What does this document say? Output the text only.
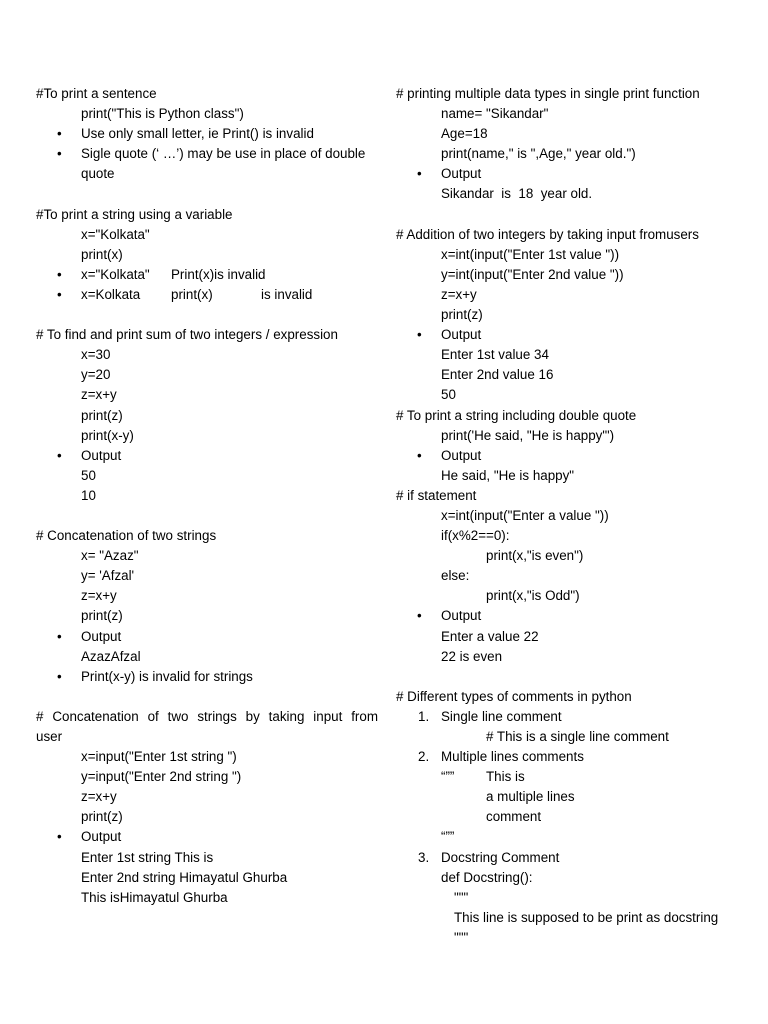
#To print a sentence
print("This is Python class")
• Use only small letter, ie Print() is invalid
• Sigle quote (‘ …’) may be use in place of double
quote
#To print a string using a variable
x="Kolkata"
print(x)
• x="Kolkata" Print(x)is invalid
• x=Kolkata print(x)	is invalid
# To find and print sum of two integers / expression
x=30
y=20
z=x+y
print(z)
print(x-y)
• Output
50
10
# Concatenation of two strings
x= "Azaz"
y= 'Afzal'
z=x+y
print(z)
• Output
AzazAfzal
• Print(x-y) is invalid for strings
# Concatenation of two strings by taking input from
user
x=input("Enter 1st string ")
y=input("Enter 2nd string ")
z=x+y
print(z)
• Output
Enter 1st string This is
Enter 2nd string Himayatul Ghurba
This isHimayatul Ghurba
# printing multiple data types in single print function
name= "Sikandar"
Age=18
print(name," is ",Age," year old.")
• Output
Sikandar  is  18  year old.
# Addition of two integers by taking input fromusers
x=int(input("Enter 1st value "))
y=int(input("Enter 2nd value "))
z=x+y
print(z)
• Output
Enter 1st value 34
Enter 2nd value 16
50
# To print a string including double quote
print('He said, "He is happy"')
• Output
He said, "He is happy"
# if statement
x=int(input("Enter a value "))
if(x%2==0):
print(x,"is even")
else:
print(x,"is Odd")
• Output
Enter a value 22
22 is even
# Different types of comments in python
1. Single line comment
# This is a single line comment
2. Multiple lines comments
“”” This is
a multiple lines
comment
“””
3. Docstring Comment
def Docstring():
"""
This line is supposed to be print as docstring
"""
